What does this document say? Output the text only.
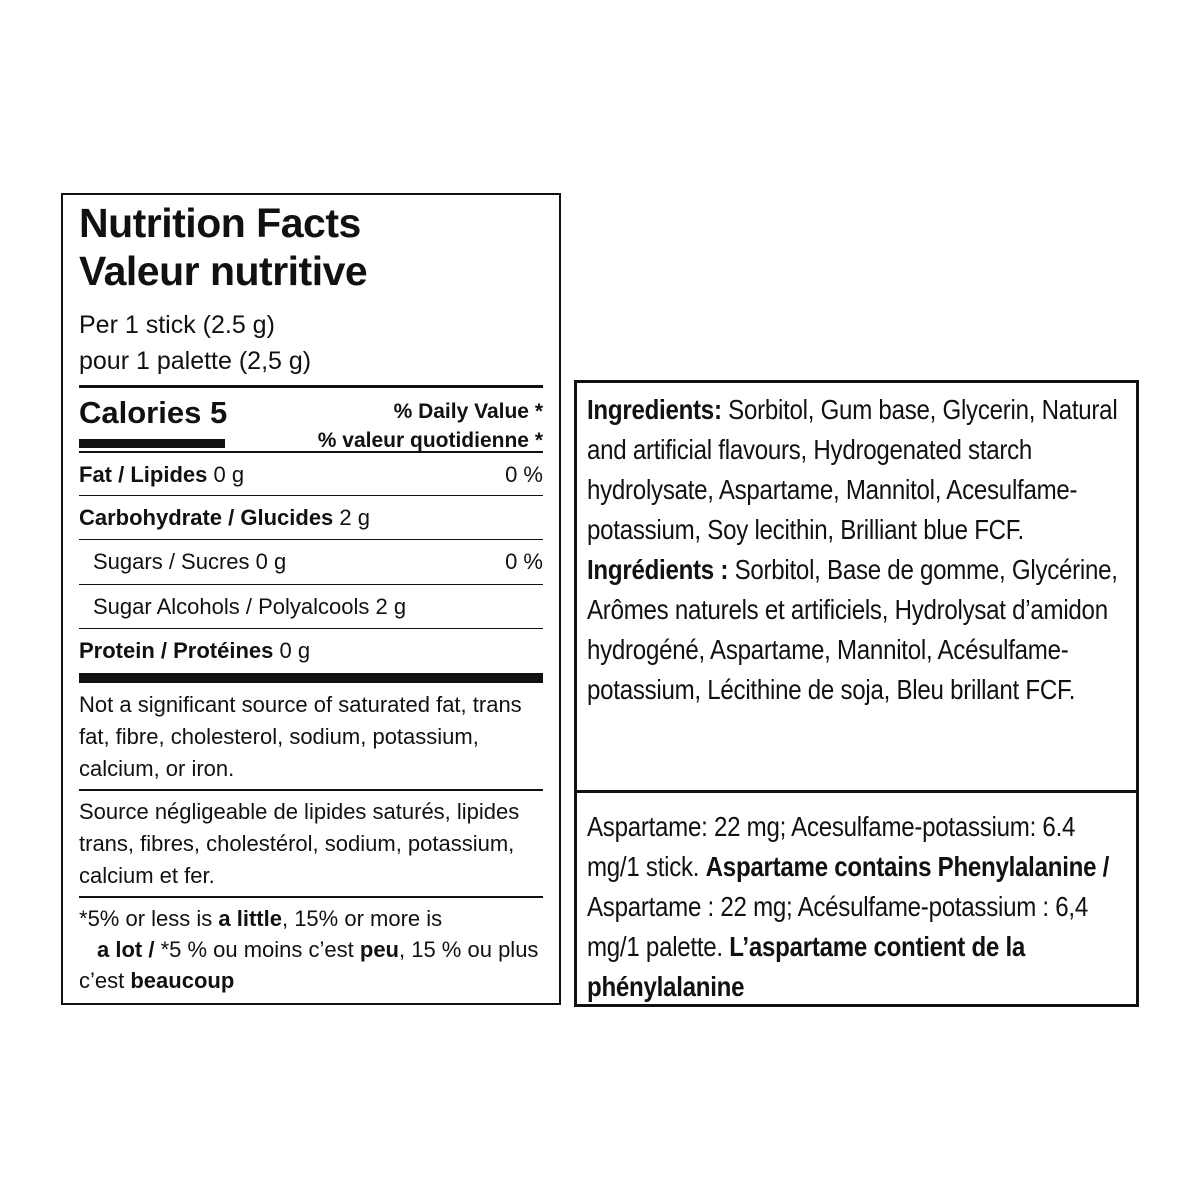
Nutrition Facts
Valeur nutritive
Per 1 stick (2.5 g)
pour 1 palette (2,5 g)
Calories 5	% Daily Value *
% valeur quotidienne *
Fat / Lipides 0 g	0 %
Carbohydrate / Glucides 2 g
Sugars / Sucres 0 g	0 %
Sugar Alcohols / Polyalcools 2 g
Protein / Protéines 0 g
Not a significant source of saturated fat, trans fat, fibre, cholesterol, sodium, potassium, calcium, or iron.
Source négligeable de lipides saturés, lipides trans, fibres, cholestérol, sodium, potassium, calcium et fer.
*5% or less is a little, 15% or more is
a lot / *5 % ou moins c’est peu, 15 % ou plus c’est beaucoup

Ingredients: Sorbitol, Gum base, Glycerin, Natural and artificial flavours, Hydrogenated starch hydrolysate, Aspartame, Mannitol, Acesulfame-potassium, Soy lecithin, Brilliant blue FCF.

Ingrédients : Sorbitol, Base de gomme, Glycérine, Arômes naturels et artificiels, Hydrolysat d’amidon hydrogéné, Aspartame, Mannitol, Acésulfame-potassium, Lécithine de soja, Bleu brillant FCF.

Aspartame: 22 mg; Acesulfame-potassium: 6.4 mg/1 stick. Aspartame contains Phenylalanine / Aspartame : 22 mg; Acésulfame-potassium : 6,4 mg/1 palette. L’aspartame contient de la phénylalanine
